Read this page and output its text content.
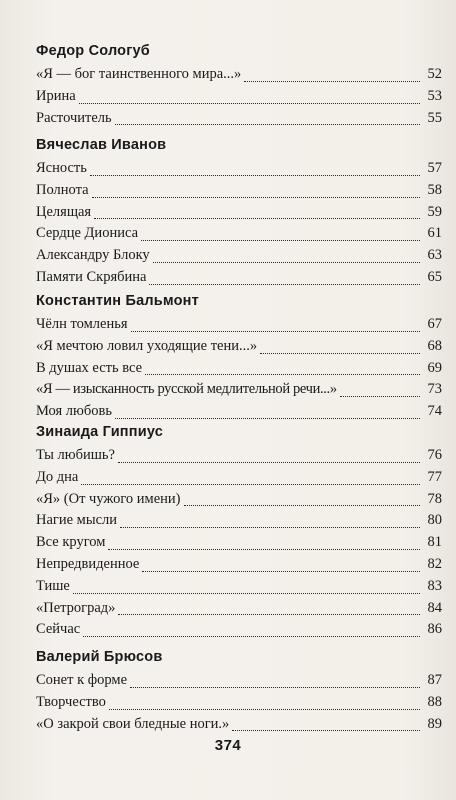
Федор Сологуб
«Я — бог таинственного мира...»	52
Ирина	53
Расточитель	55
Вячеслав Иванов
Ясность	57
Полнота	58
Целящая	59
Сердце Диониса	61
Александру Блоку	63
Памяти Скрябина	65
Константин Бальмонт
Чёлн томленья	67
«Я мечтою ловил уходящие тени...»	68
В душах есть все	69
«Я — изысканность русской медлительной речи...»	73
Моя любовь	74
Зинаида Гиппиус
Ты любишь?	76
До дна	77
«Я» (От чужого имени)	78
Нагие мысли	80
Все кругом	81
Непредвиденное	82
Тише	83
«Петроград»	84
Сейчас	86
Валерий Брюсов
Сонет к форме	87
Творчество	88
«О закрой свои бледные ноги.»	89
374
